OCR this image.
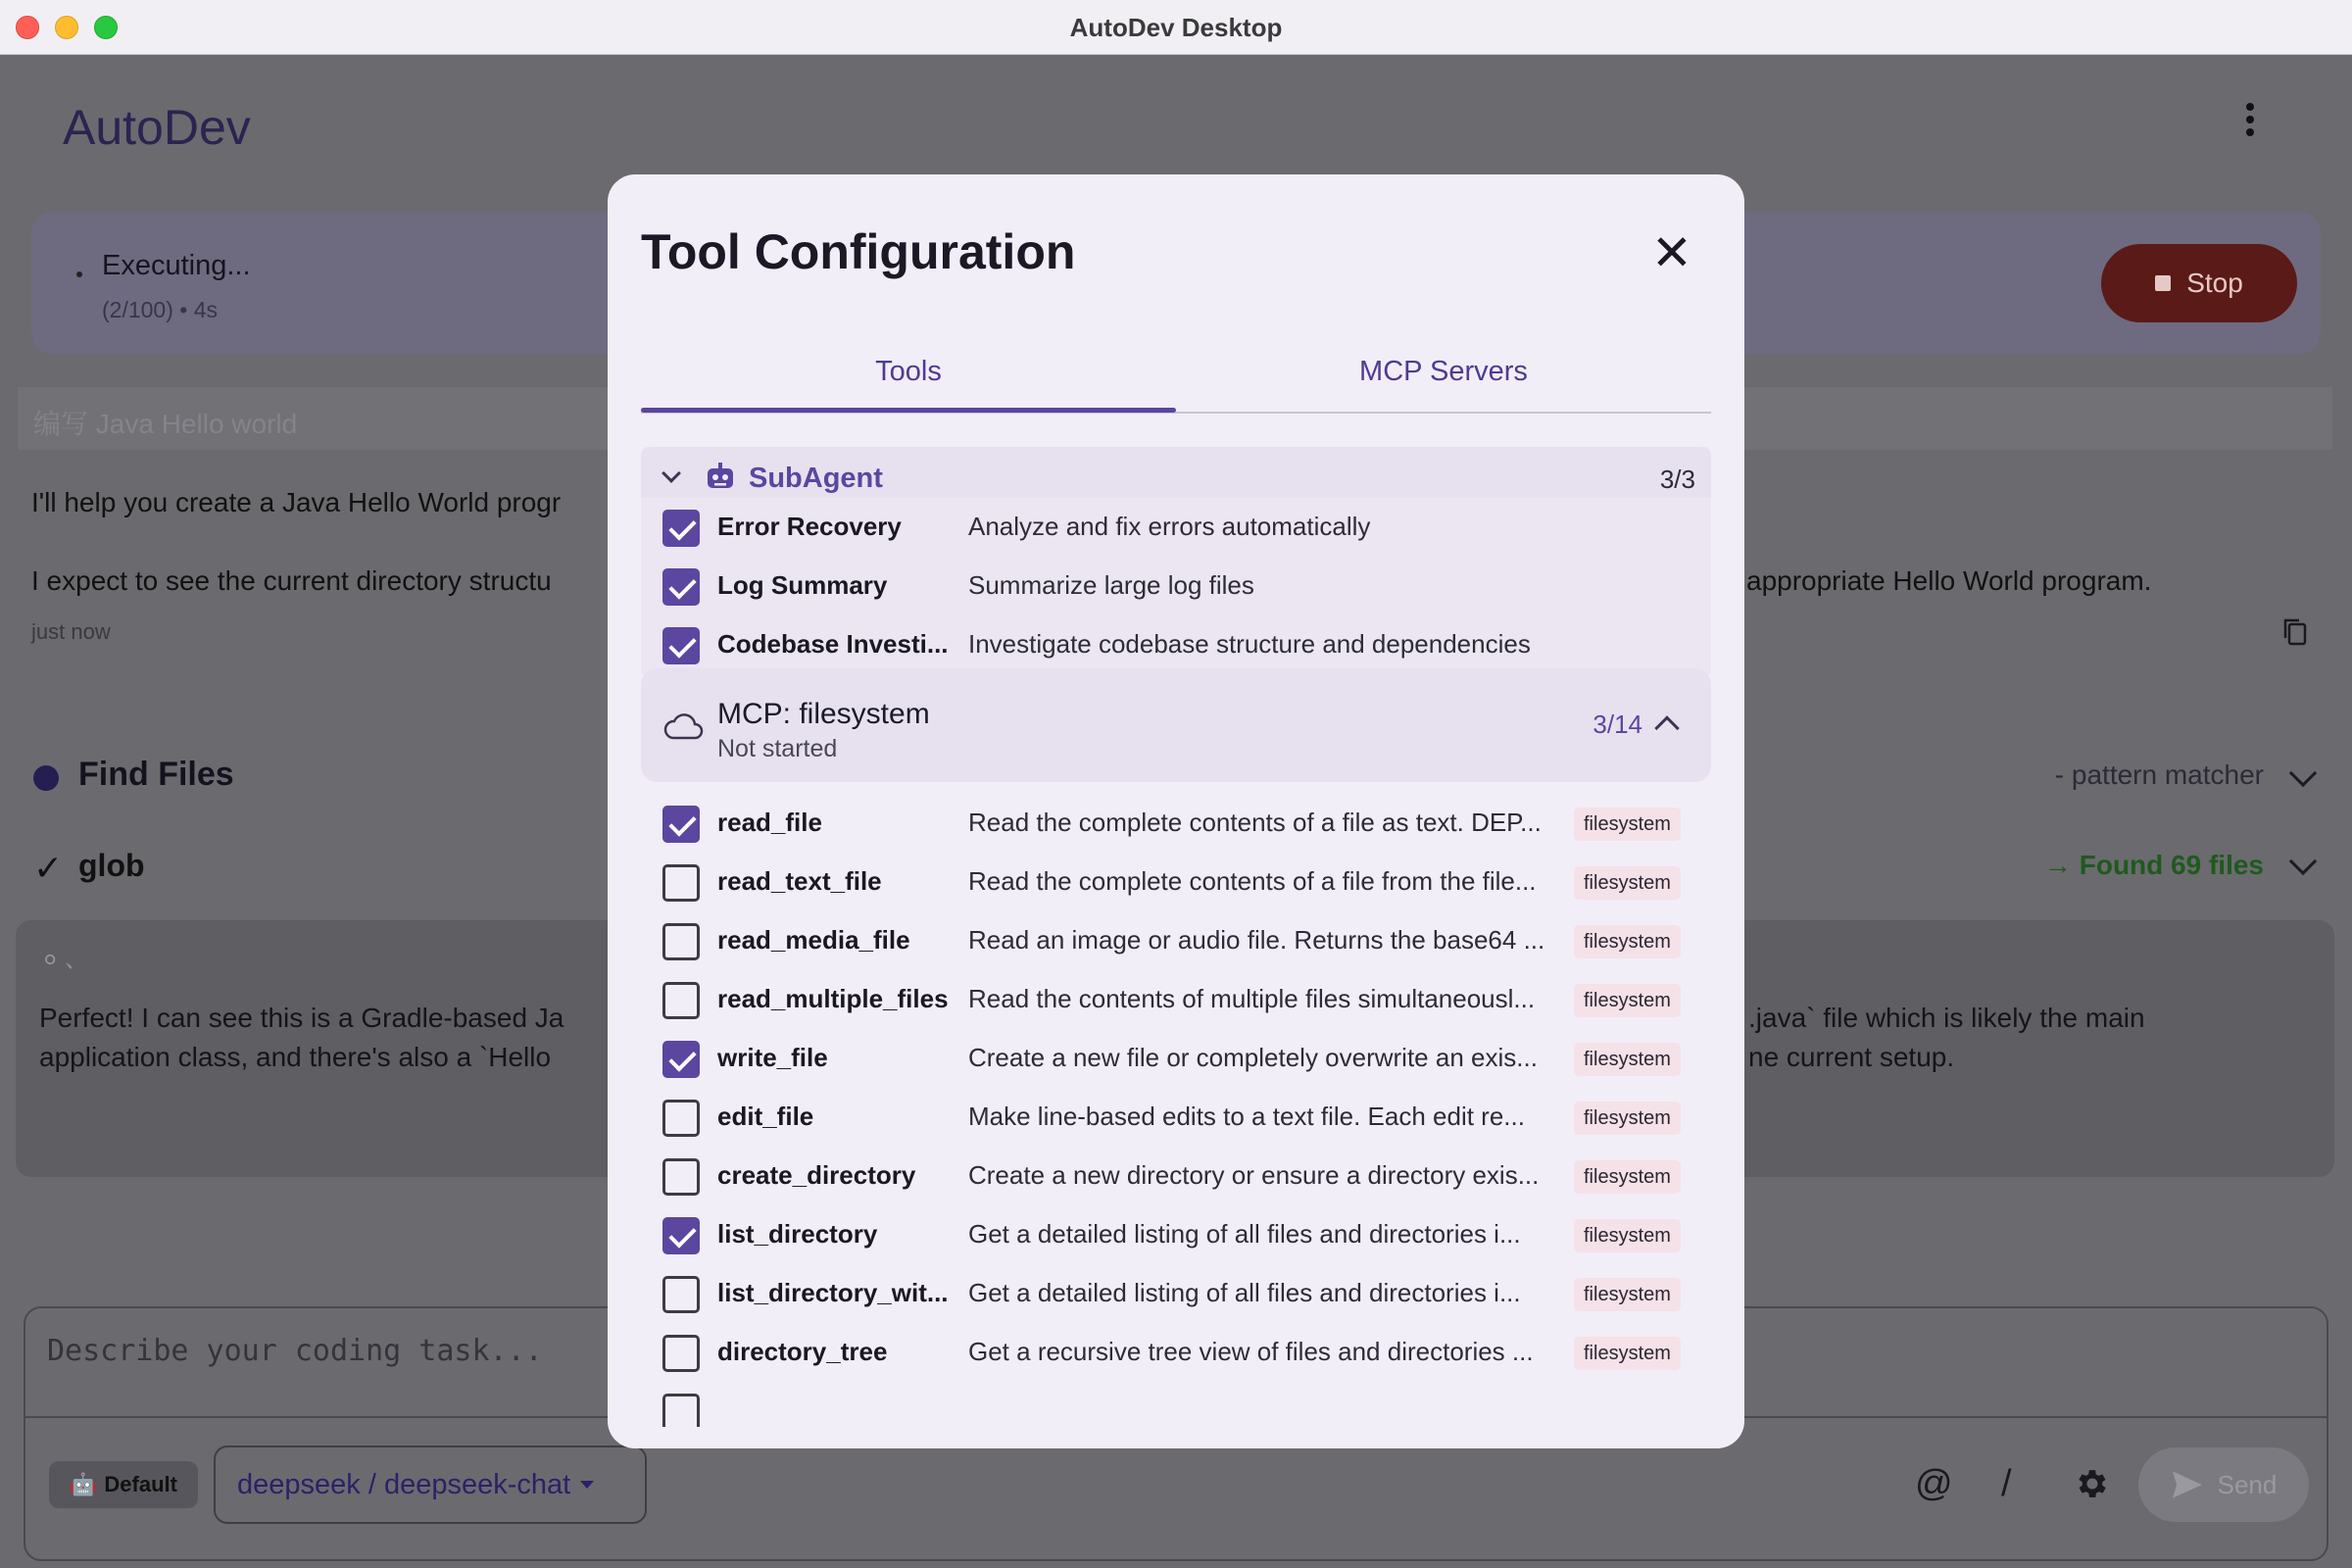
AutoDev Desktop
AutoDev
Executing...
(2/100) • 4s
Stop
编写 Java Hello world
I'll help you create a Java Hello World progr
I expect to see the current directory structu	appropriate Hello World program.
just now
Find Files	- pattern matcher
✓ glob	→ Found 69 files
⚪ 、
Perfect! I can see this is a Gradle-based Ja
application class, and there's also a `Hello
.java` file which is likely the main
ne current setup.
Describe your coding task...
🤖 Default deepseek / deepseek-chat	@ /	Send
Tool Configuration	✕
Tools	MCP Servers
SubAgent	3/3
Error Recovery	Analyze and fix errors automatically
Log Summary	Summarize large log files
Codebase Investi... Investigate codebase structure and dependencies
MCP: filesystem
Not started
3/14
read_file	Read the complete contents of a file as text. DEP...	filesystem
read_text_file	Read the complete contents of a file from the file...	filesystem
read_media_file	Read an image or audio file. Returns the base64 ...	filesystem
read_multiple_files Read the contents of multiple files simultaneousl...	filesystem
write_file	Create a new file or completely overwrite an exis...	filesystem
edit_file	Make line-based edits to a text file. Each edit re...	filesystem
create_directory	Create a new directory or ensure a directory exis...	filesystem
list_directory	Get a detailed listing of all files and directories i...	filesystem
list_directory_wit... Get a detailed listing of all files and directories i...	filesystem
directory_tree	Get a recursive tree view of files and directories ...	filesystem
